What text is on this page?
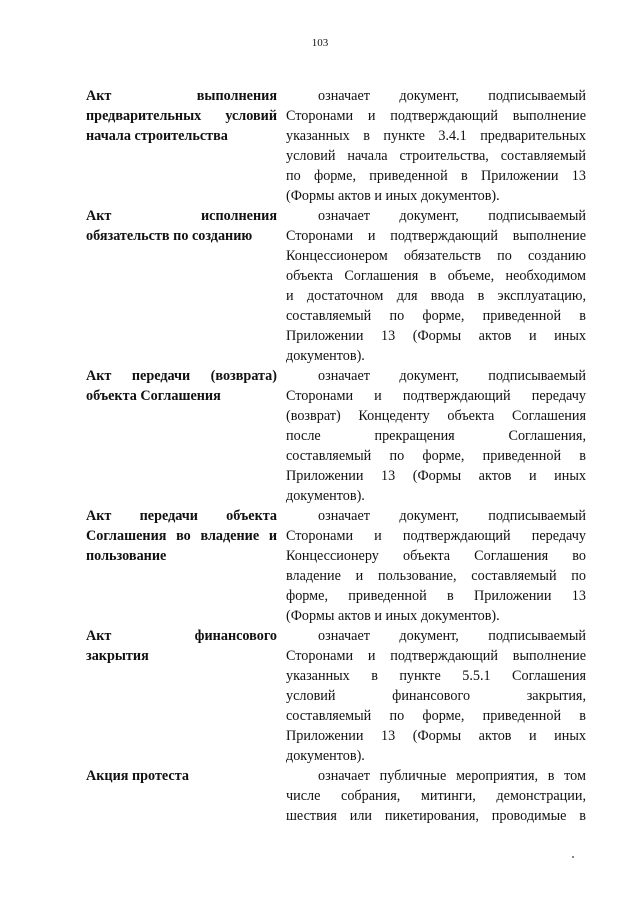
103
Акт выполнения
предварительных условий
начала строительства
означает документ, подписываемый
Сторонами и подтверждающий выполнение
указанных в пункте 3.4.1 предварительных
условий начала строительства, составляемый
по форме, приведенной в Приложении 13
(Формы актов и иных документов).
Акт исполнения
обязательств по созданию
означает документ, подписываемый
Сторонами и подтверждающий выполнение
Концессионером обязательств по созданию
объекта Соглашения в объеме, необходимом
и достаточном для ввода в эксплуатацию,
составляемый по форме, приведенной в
Приложении 13 (Формы актов и иных
документов).
Акт передачи (возврата)
объекта Соглашения
означает документ, подписываемый
Сторонами и подтверждающий передачу
(возврат) Концеденту объекта Соглашения
после прекращения Соглашения,
составляемый по форме, приведенной в
Приложении 13 (Формы актов и иных
документов).
Акт передачи объекта
Соглашения во владение и
пользование
означает документ, подписываемый
Сторонами и подтверждающий передачу
Концессионеру объекта Соглашения во
владение и пользование, составляемый по
форме, приведенной в Приложении 13
(Формы актов и иных документов).
Акт финансового
закрытия
означает документ, подписываемый
Сторонами и подтверждающий выполнение
указанных в пункте 5.5.1 Соглашения
условий финансового закрытия,
составляемый по форме, приведенной в
Приложении 13 (Формы актов и иных
документов).
Акция протеста	означает публичные мероприятия, в том
числе собрания, митинги, демонстрации,
шествия или пикетирования, проводимые в
